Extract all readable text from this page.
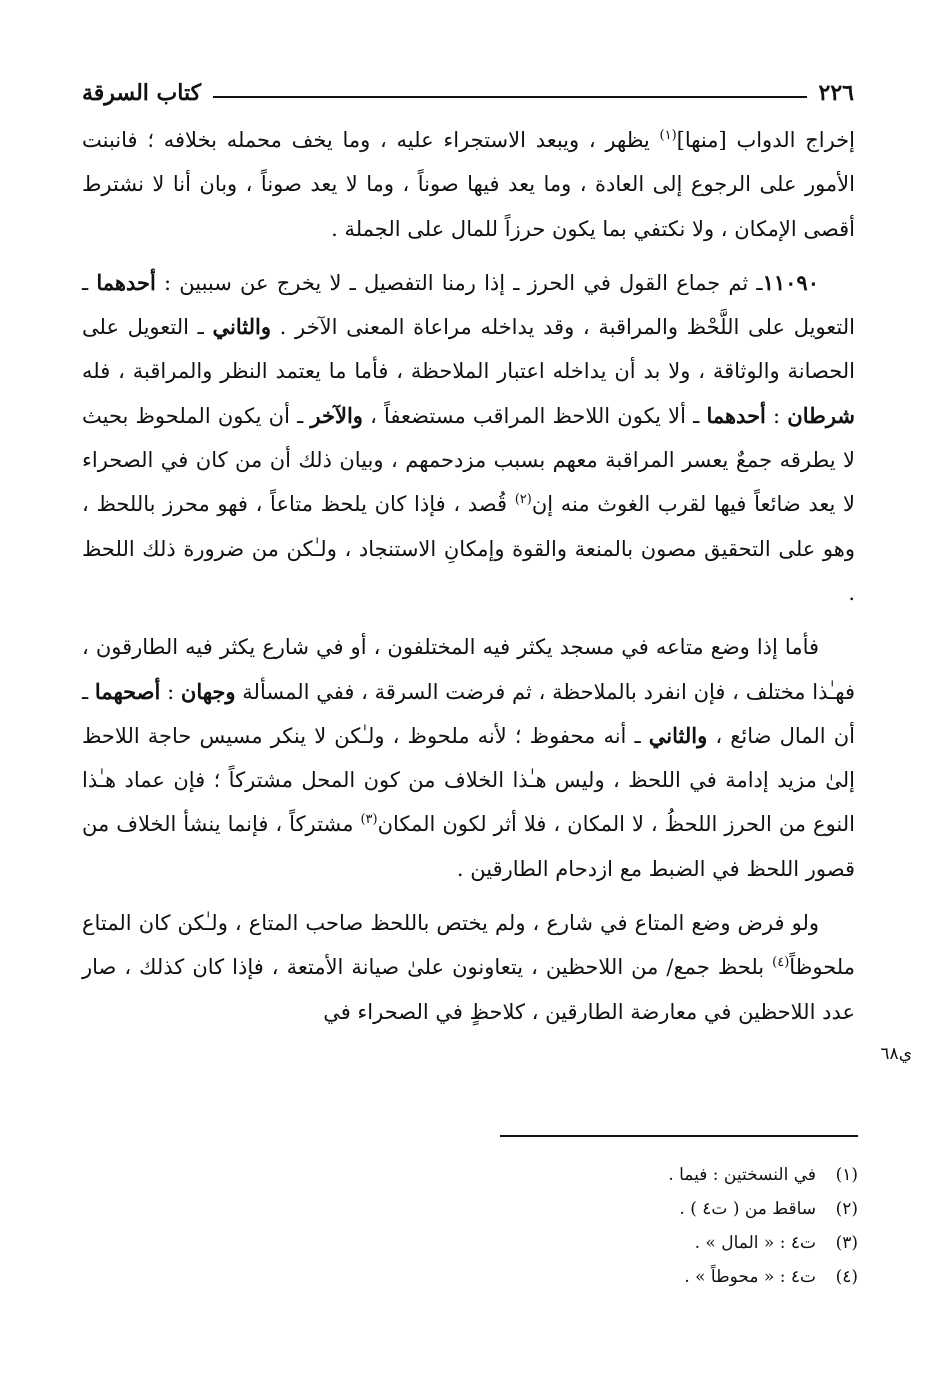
٢٢٦
كتاب السرقة

إخراج الدواب [منها]$^{(١)}$ يظهر ، ويبعد الاستجراء عليه ، وما يخف محمله بخلافه ؛ فانبنت الأمور على الرجوع إلى العادة ، وما يعد فيها صوناً ، وما لا يعد صوناً ، وبان أنا لا نشترط أقصى الإمكان ، ولا نكتفي بما يكون حرزاً للمال على الجملة .

١١٠٩٠ـ ثم جماع القول في الحرز ـ إذا رمنا التفصيل ـ لا يخرج عن سببين : أحدهما ـ التعويل على اللَّحْظ والمراقبة ، وقد يداخله مراعاة المعنى الآخر . والثاني ـ التعويل على الحصانة والوثاقة ، ولا بد أن يداخله اعتبار الملاحظة ، فأما ما يعتمد النظر والمراقبة ، فله شرطان : أحدهما ـ ألا يكون اللاحظ المراقب مستضعفاً ، والآخر ـ أن يكون الملحوظ بحيث لا يطرقه جمعٌ يعسر المراقبة معهم بسبب مزدحمهم ، وبيان ذلك أن من كان في الصحراء لا يعد ضائعاً فيها لقرب الغوث منه إن$^{(٢)}$ قُصد ، فإذا كان يلحظ متاعاً ، فهو محرز باللحظ ، وهو على التحقيق مصون بالمنعة والقوة وإمكانِ الاستنجاد ، ولـٰكن من ضرورة ذلك اللحظ .

فأما إذا وضع متاعه في مسجد يكثر فيه المختلفون ، أو في شارع يكثر فيه الطارقون ، فهـٰذا مختلف ، فإن انفرد بالملاحظة ، ثم فرضت السرقة ، ففي المسألة وجهان : أصحهما ـ أن المال ضائع ، والثاني ـ أنه محفوظ ؛ لأنه ملحوظ ، ولـٰكن لا ينكر مسيس حاجة اللاحظ إلىٰ مزيد إدامة في اللحظ ، وليس هـٰذا الخلاف من كون المحل مشتركاً ؛ فإن عماد هـٰذا النوع من الحرز اللحظُ ، لا المكان ، فلا أثر لكون المكان$^{(٣)}$ مشتركاً ، فإنما ينشأ الخلاف من قصور اللحظ في الضبط مع ازدحام الطارقين .

ولو فرض وضع المتاع في شارع ، ولم يختص باللحظ صاحب المتاع ، ولـٰكن كان المتاع ملحوظاً$^{(٤)}$ بلحظ جمع/ من اللاحظين ، يتعاونون علىٰ صيانة الأمتعة ، فإذا كان كذلك ، صار عدد اللاحظين في معارضة الطارقين ، كلاحظٍ في الصحراء في

ي٦٨
(١)في النسختين : فيما .
(٢)ساقط من ( ت٤ ) .
(٣)ت٤ : « المال » .
(٤)ت٤ : « محوطاً » .
